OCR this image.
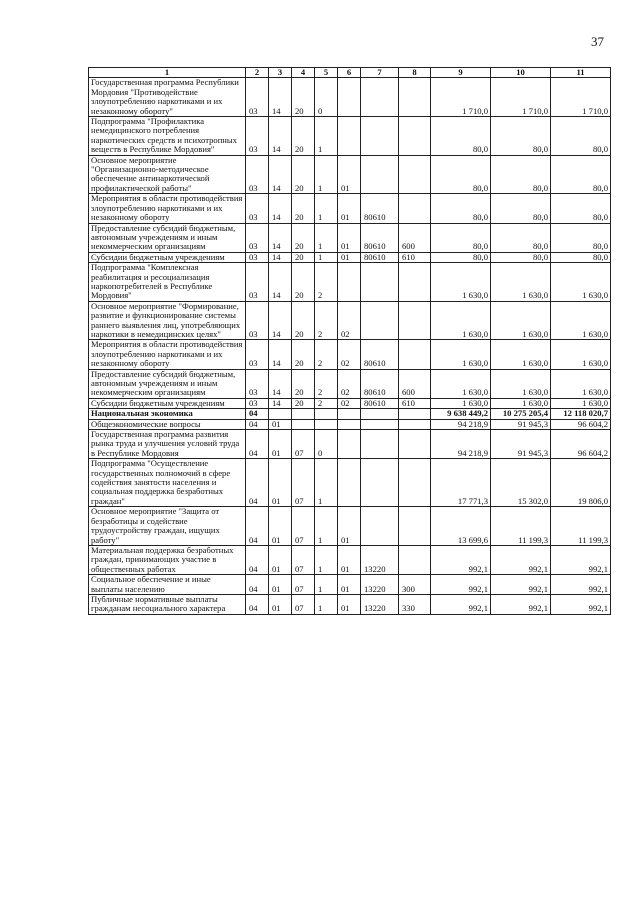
37
1	2	3	4	5	6	7	8	9	10	11
Государственная программа Республики Мордовия "Противодействие злоупотреблению наркотиками и их незаконному обороту"	03	14	20	0				1 710,0	1 710,0	1 710,0
Подпрограмма "Профилактика немедицинского потребления наркотических средств и психотропных веществ в Республике Мордовия"	03	14	20	1				80,0	80,0	80,0
Основное мероприятие "Организационно-методическое обеспечение антинаркотической профилактической работы"	03	14	20	1	01			80,0	80,0	80,0
Мероприятия в области противодействия злоупотреблению наркотиками и их незаконному обороту	03	14	20	1	01	80610		80,0	80,0	80,0
Предоставление субсидий бюджетным, автономным учреждениям и иным некоммерческим организациям	03	14	20	1	01	80610	600	80,0	80,0	80,0
Субсидии бюджетным учреждениям	03	14	20	1	01	80610	610	80,0	80,0	80,0
Подпрограмма "Комплексная реабилитация и ресоциализация наркопотребителей в Республике Мордовия"	03	14	20	2				1 630,0	1 630,0	1 630,0
Основное мероприятие "Формирование, развитие и функционирование системы раннего выявления лиц, употребляющих наркотики в немедицинских целях"	03	14	20	2	02			1 630,0	1 630,0	1 630,0
Мероприятия в области противодействия злоупотреблению наркотиками и их незаконному обороту	03	14	20	2	02	80610		1 630,0	1 630,0	1 630,0
Предоставление субсидий бюджетным, автономным учреждениям и иным некоммерческим организациям	03	14	20	2	02	80610	600	1 630,0	1 630,0	1 630,0
Субсидии бюджетным учреждениям	03	14	20	2	02	80610	610	1 630,0	1 630,0	1 630,0
Национальная экономика	04							9 638 449,2	10 275 205,4	12 118 020,7
Общеэкономические вопросы	04	01						94 218,9	91 945,3	96 604,2
Государственная программа развития рынка труда и улучшения условий труда в Республике Мордовия	04	01	07	0				94 218,9	91 945,3	96 604,2
Подпрограмма "Осуществление государственных полномочий в сфере содействия занятости населения и социальная поддержка безработных граждан"	04	01	07	1				17 771,3	15 302,0	19 806,0
Основное мероприятие "Защита от безработицы и содействие трудоустройству граждан, ищущих работу"	04	01	07	1	01			13 699,6	11 199,3	11 199,3
Материальная поддержка безработных граждан, принимающих участие в общественных работах	04	01	07	1	01	13220		992,1	992,1	992,1
Социальное обеспечение и иные выплаты населению	04	01	07	1	01	13220	300	992,1	992,1	992,1
Публичные нормативные выплаты гражданам несоциального характера	04	01	07	1	01	13220	330	992,1	992,1	992,1
